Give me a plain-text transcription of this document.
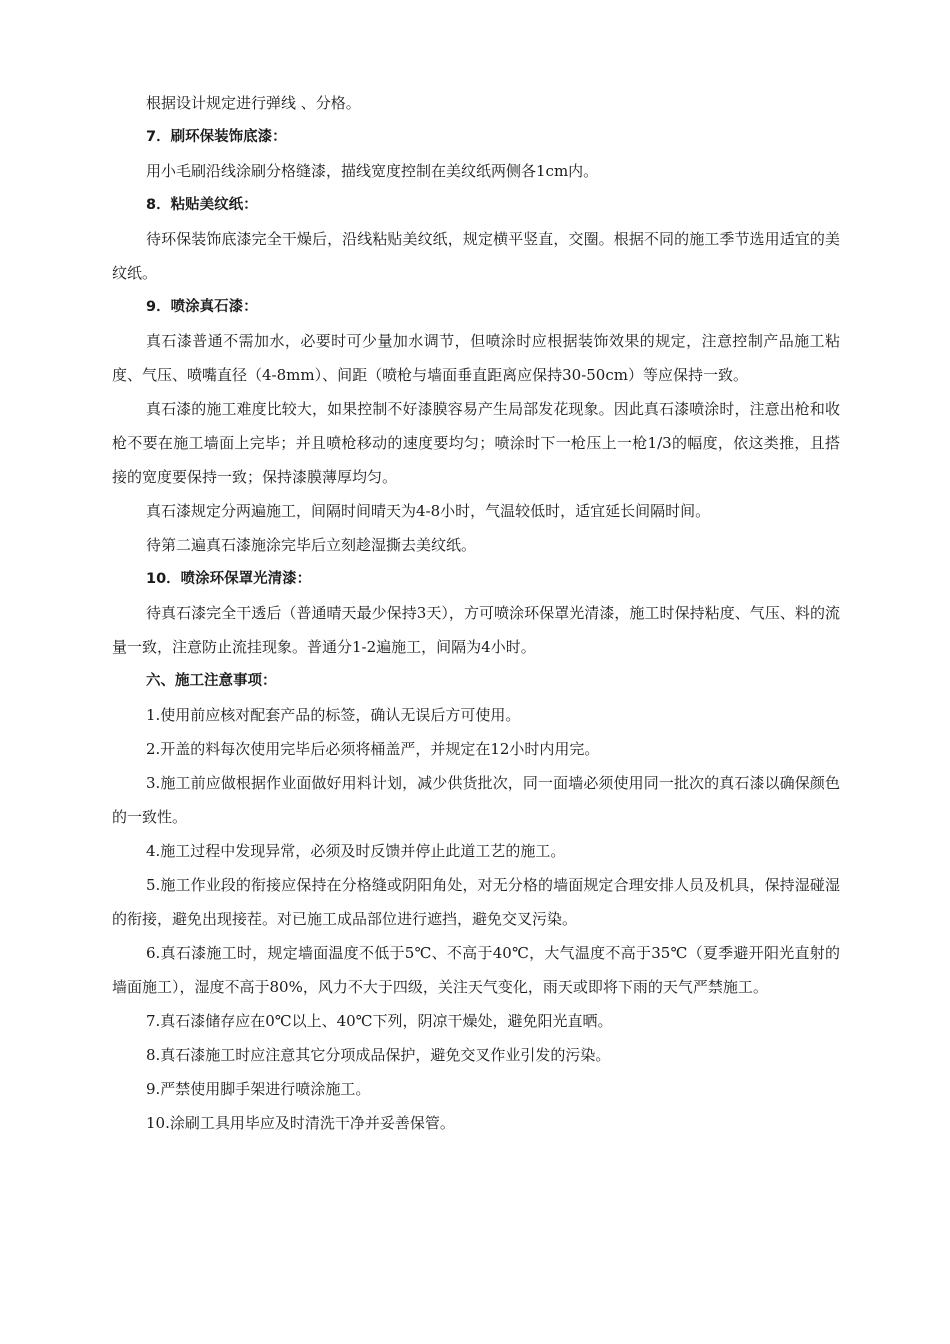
根据设计规定进行弹线 、分格。

7．刷环保装饰底漆：

用小毛刷沿线涂刷分格缝漆，描线宽度控制在美纹纸两侧各1cm内。

8．粘贴美纹纸：

待环保装饰底漆完全干燥后，沿线粘贴美纹纸，规定横平竖直，交圈。根据不同的施工季节选用适宜的美纹纸。

9．喷涂真石漆：

真石漆普通不需加水，必要时可少量加水调节，但喷涂时应根据装饰效果的规定，注意控制产品施工粘度、气压、喷嘴直径（4-8mm）、间距（喷枪与墙面垂直距离应保持30-50cm）等应保持一致。

真石漆的施工难度比较大，如果控制不好漆膜容易产生局部发花现象。因此真石漆喷涂时，注意出枪和收枪不要在施工墙面上完毕；并且喷枪移动的速度要均匀；喷涂时下一枪压上一枪1/3的幅度，依这类推，且搭接的宽度要保持一致；保持漆膜薄厚均匀。

真石漆规定分两遍施工，间隔时间晴天为4-8小时，气温较低时，适宜延长间隔时间。

待第二遍真石漆施涂完毕后立刻趁湿撕去美纹纸。

10．喷涂环保罩光清漆：

待真石漆完全干透后（普通晴天最少保持3天），方可喷涂环保罩光清漆，施工时保持粘度、气压、料的流量一致，注意防止流挂现象。普通分1-2遍施工，间隔为4小时。

六、施工注意事项：

1.使用前应核对配套产品的标签，确认无误后方可使用。

2.开盖的料每次使用完毕后必须将桶盖严，并规定在12小时内用完。

3.施工前应做根据作业面做好用料计划，减少供货批次，同一面墙必须使用同一批次的真石漆以确保颜色的一致性。

4.施工过程中发现异常，必须及时反馈并停止此道工艺的施工。

5.施工作业段的衔接应保持在分格缝或阴阳角处，对无分格的墙面规定合理安排人员及机具，保持湿碰湿的衔接，避免出现接茬。对已施工成品部位进行遮挡，避免交叉污染。

6.真石漆施工时，规定墙面温度不低于5℃、不高于40℃，大气温度不高于35℃（夏季避开阳光直射的墙面施工），湿度不高于80%，风力不大于四级，关注天气变化，雨天或即将下雨的天气严禁施工。

7.真石漆储存应在0℃以上、40℃下列，阴凉干燥处，避免阳光直晒。

8.真石漆施工时应注意其它分项成品保护，避免交叉作业引发的污染。

9.严禁使用脚手架进行喷涂施工。

10.涂刷工具用毕应及时清洗干净并妥善保管。
